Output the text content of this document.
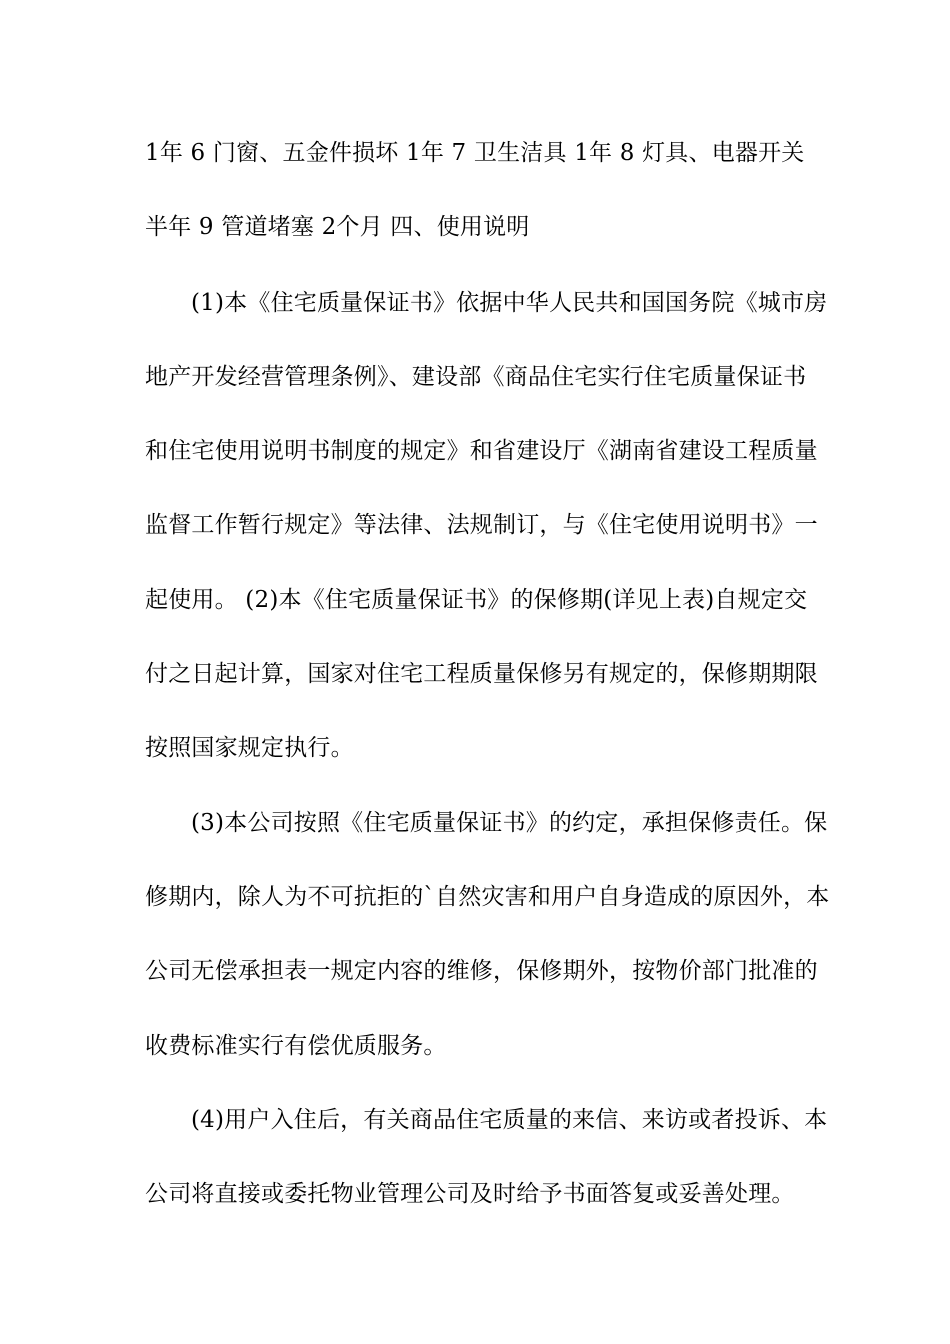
1年 6 门窗、五金件损坏 1年 7 卫生洁具 1年 8 灯具、电器开关
半年 9 管道堵塞 2个月 四、使用说明
(1)本《住宅质量保证书》依据中华人民共和国国务院《城市房
地产开发经营管理条例》、建设部《商品住宅实行住宅质量保证书
和住宅使用说明书制度的规定》和省建设厅《湖南省建设工程质量
监督工作暂行规定》等法律、法规制订，与《住宅使用说明书》一
起使用。 (2)本《住宅质量保证书》的保修期(详见上表)自规定交
付之日起计算，国家对住宅工程质量保修另有规定的，保修期期限
按照国家规定执行。
(3)本公司按照《住宅质量保证书》的约定，承担保修责任。保
修期内，除人为不可抗拒的`自然灾害和用户自身造成的原因外，本
公司无偿承担表一规定内容的维修，保修期外，按物价部门批准的
收费标准实行有偿优质服务。
(4)用户入住后，有关商品住宅质量的来信、来访或者投诉、本
公司将直接或委托物业管理公司及时给予书面答复或妥善处理。
